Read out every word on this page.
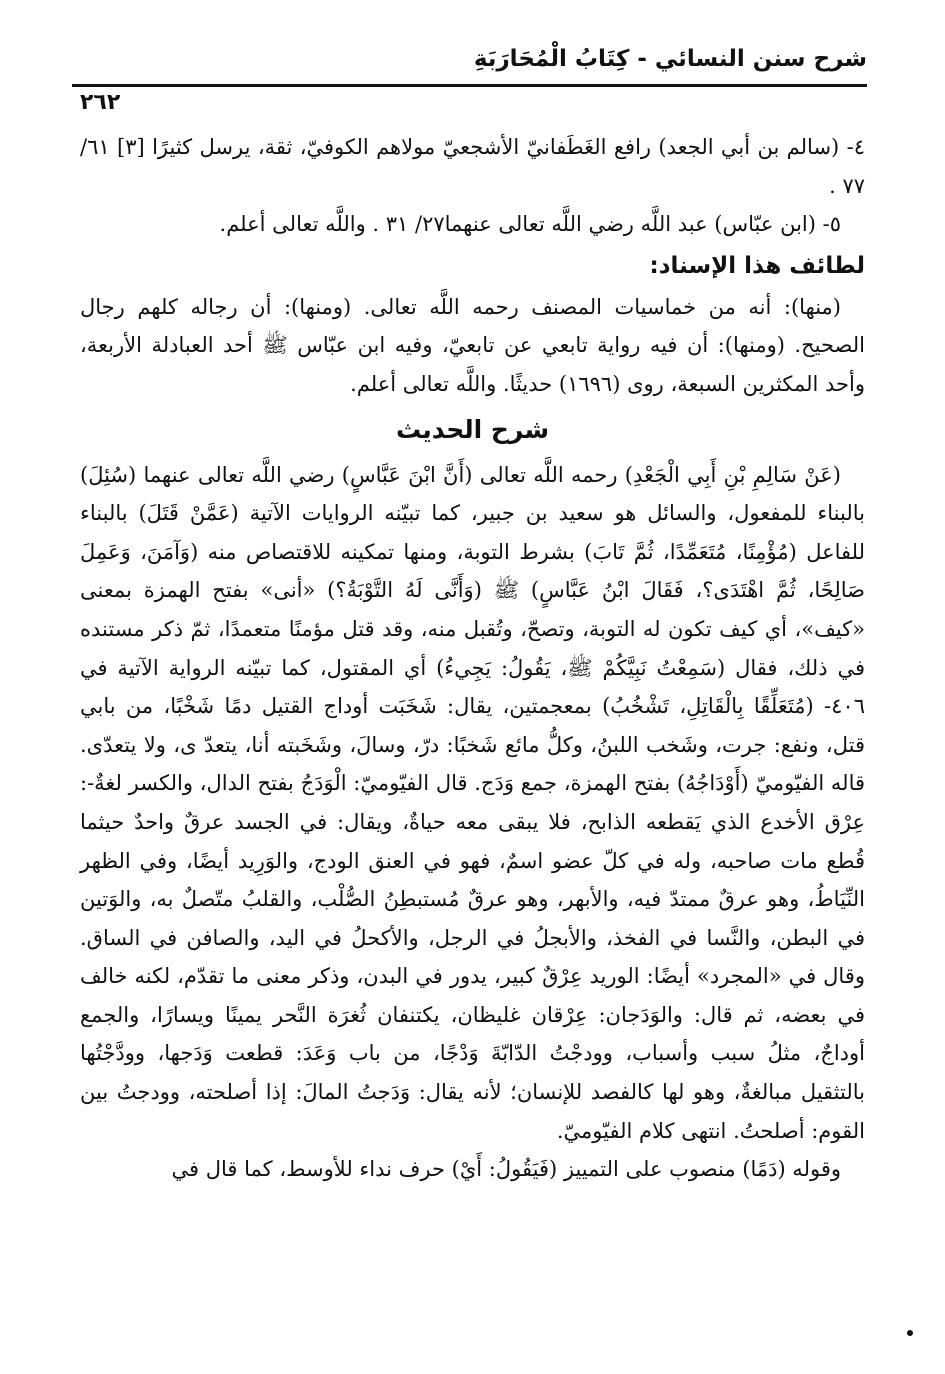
شرح سنن النسائي - كِتَابُ الْمُحَارَبَةِ
٢٦٢

٤- (سالم بن أبي الجعد) رافع الغَطَفانيّ الأشجعيّ مولاهم الكوفيّ، ثقة، يرسل كثيرًا [٣] ٦١/ ٧٧ .

٥- (ابن عبّاس) عبد اللَّه رضي اللَّه تعالى عنهما٢٧/ ٣١ . واللَّه تعالى أعلم.

لطائف هذا الإسناد:

(منها): أنه من خماسيات المصنف رحمه اللَّه تعالى. (ومنها): أن رجاله كلهم رجال الصحيح. (ومنها): أن فيه رواية تابعي عن تابعيّ، وفيه ابن عبّاس ﷺ أحد العبادلة الأربعة، وأحد المكثرين السبعة، روى (١٦٩٦) حديثًا. واللَّه تعالى أعلم.

شرح الحديث

(عَنْ سَالِمِ بْنِ أَبِي الْجَعْدِ) رحمه اللَّه تعالى (أَنَّ ابْنَ عَبَّاسٍ) رضي اللَّه تعالى عنهما (سُئِلَ) بالبناء للمفعول، والسائل هو سعيد بن جبير، كما تبيّنه الروايات الآتية (عَمَّنْ قَتَلَ) بالبناء للفاعل (مُؤْمِنًا، مُتَعَمِّدًا، ثُمَّ تَابَ) بشرط التوبة، ومنها تمكينه للاقتصاص منه (وَآمَنَ، وَعَمِلَ صَالِحًا، ثُمَّ اهْتَدَى؟، فَقَالَ ابْنُ عَبَّاسٍ) ﷺ (وَأَنَّى لَهُ التَّوْبَةُ؟) «أنى» بفتح الهمزة بمعنى «كيف»، أي كيف تكون له التوبة، وتصحّ، وتُقبل منه، وقد قتل مؤمنًا متعمدًا، ثمّ ذكر مستنده في ذلك، فقال (سَمِعْتُ نَبِيَّكُمْ ﷺ، يَقُولُ: يَجِيءُ) أي المقتول، كما تبيّنه الرواية الآتية في ٤٠٦- (مُتَعَلِّقًا بِالْقَاتِلِ، تَشْخُبُ) بمعجمتين، يقال: شَخَبَت أوداج القتيل دمًا شَخْبًا، من بابي قتل، ونفع: جرت، وشَخب اللبنُ، وكلُّ مائع شَخبًا: درّ، وسالَ، وشَخَبته أنا، يتعدّ ى، ولا يتعدّى. قاله الفيّوميّ (أَوْدَاجُهُ) بفتح الهمزة، جمع وَدَج. قال الفيّوميّ: الْوَدَجُ بفتح الدال، والكسر لغةٌ-: عِرْق الأخدع الذي يَقطعه الذابح، فلا يبقى معه حياةٌ، ويقال: في الجسد عرقٌ واحدٌ حيثما قُطع مات صاحبه، وله في كلّ عضو اسمٌ، فهو في العنق الودج، والوَرِيد أيضًا، وفي الظهر النِّيَاطُ، وهو عرقٌ ممتدّ فيه، والأبهر، وهو عرقٌ مُستبطِنُ الصُّلْب، والقلبُ متّصلٌ به، والوَتين في البطن، والنَّسا في الفخذ، والأبجلُ في الرجل، والأكحلُ في اليد، والصافن في الساق. وقال في «المجرد» أيضًا: الوريد عِرْقٌ كبير، يدور في البدن، وذكر معنى ما تقدّم، لكنه خالف في بعضه، ثم قال: والوَدَجان: عِرْقان غليظان، يكتنفان ثُغرَة النَّحر يمينًا ويسارًا، والجمع أوداجٌ، مثلُ سبب وأسباب، وودجْتُ الدّابّةَ وَدْجًا، من باب وَعَدَ: قطعت وَدَجها، وودَّجْتُها بالتثقيل مبالغةٌ، وهو لها كالفصد للإنسان؛ لأنه يقال: وَدَجتُ المالَ: إذا أصلحته، وودجتُ بين القوم: أصلحتُ. انتهى كلام الفيّوميّ.

وقوله (دَمًا) منصوب على التمييز (فَيَقُولُ: أَيْ) حرف نداء للأوسط، كما قال في
